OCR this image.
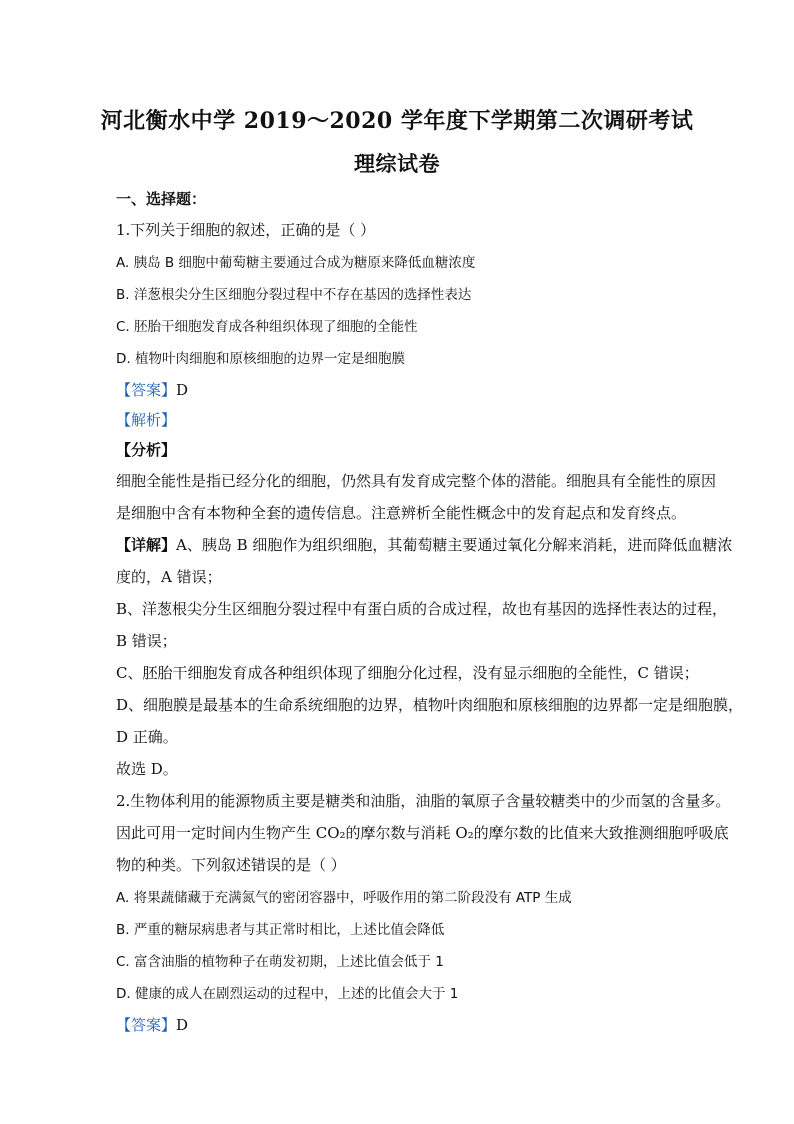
河北衡水中学 2019～2020 学年度下学期第二次调研考试
理综试卷
一、选择题：
1.下列关于细胞的叙述，正确的是（ ）
A. 胰岛 B 细胞中葡萄糖主要通过合成为糖原来降低血糖浓度
B. 洋葱根尖分生区细胞分裂过程中不存在基因的选择性表达
C. 胚胎干细胞发育成各种组织体现了细胞的全能性
D. 植物叶肉细胞和原核细胞的边界一定是细胞膜
【答案】D
【解析】
【分析】
细胞全能性是指已经分化的细胞，仍然具有发育成完整个体的潜能。细胞具有全能性的原因
是细胞中含有本物种全套的遗传信息。注意辨析全能性概念中的发育起点和发育终点。
【详解】A、胰岛 B 细胞作为组织细胞，其葡萄糖主要通过氧化分解来消耗，进而降低血糖浓
度的，A 错误；
B、洋葱根尖分生区细胞分裂过程中有蛋白质的合成过程，故也有基因的选择性表达的过程，
B 错误；
C、胚胎干细胞发育成各种组织体现了细胞分化过程，没有显示细胞的全能性，C 错误；
D、细胞膜是最基本的生命系统细胞的边界，植物叶肉细胞和原核细胞的边界都一定是细胞膜，
D 正确。
故选 D。
2.生物体利用的能源物质主要是糖类和油脂，油脂的氧原子含量较糖类中的少而氢的含量多。
因此可用一定时间内生物产生 CO₂的摩尔数与消耗 O₂的摩尔数的比值来大致推测细胞呼吸底
物的种类。下列叙述错误的是（ ）
A. 将果蔬储藏于充满氮气的密闭容器中，呼吸作用的第二阶段没有 ATP 生成
B. 严重的糖尿病患者与其正常时相比，上述比值会降低
C. 富含油脂的植物种子在萌发初期，上述比值会低于 1
D. 健康的成人在剧烈运动的过程中，上述的比值会大于 1
【答案】D
